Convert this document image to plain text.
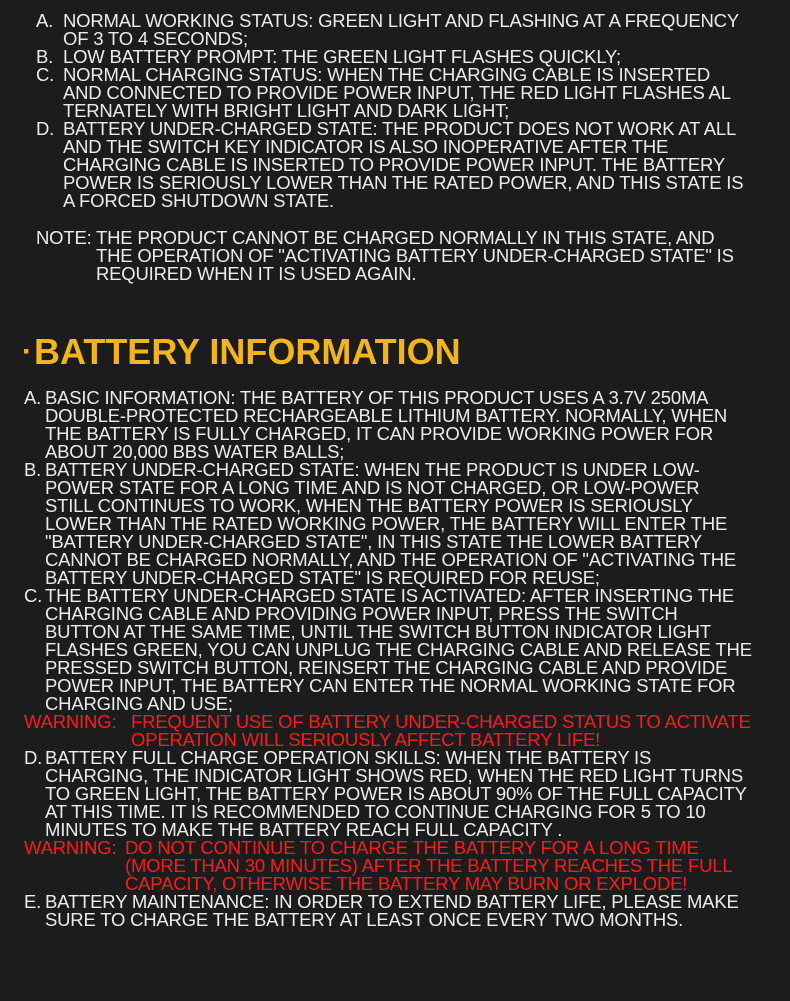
A. NORMAL WORKING STATUS: GREEN LIGHT AND FLASHING AT A FREQUENCY
OF 3 TO 4 SECONDS;
B. LOW BATTERY PROMPT: THE GREEN LIGHT FLASHES QUICKLY;
C. NORMAL CHARGING STATUS: WHEN THE CHARGING CABLE IS INSERTED
AND CONNECTED TO PROVIDE POWER INPUT, THE RED LIGHT FLASHES AL
TERNATELY WITH BRIGHT LIGHT AND DARK LIGHT;
D. BATTERY UNDER-CHARGED STATE: THE PRODUCT DOES NOT WORK AT ALL
AND THE SWITCH KEY INDICATOR IS ALSO INOPERATIVE AFTER THE
CHARGING CABLE IS INSERTED TO PROVIDE POWER INPUT. THE BATTERY
POWER IS SERIOUSLY LOWER THAN THE RATED POWER, AND THIS STATE IS
A FORCED SHUTDOWN STATE.
NOTE: THE PRODUCT CANNOT BE CHARGED NORMALLY IN THIS STATE, AND
THE OPERATION OF "ACTIVATING BATTERY UNDER-CHARGED STATE" IS
REQUIRED WHEN IT IS USED AGAIN.
·BATTERY INFORMATION
A. BASIC INFORMATION: THE BATTERY OF THIS PRODUCT USES A 3.7V 250MA
DOUBLE-PROTECTED RECHARGEABLE LITHIUM BATTERY. NORMALLY, WHEN
THE BATTERY IS FULLY CHARGED, IT CAN PROVIDE WORKING POWER FOR
ABOUT 20,000 BBS WATER BALLS;
B. BATTERY UNDER-CHARGED STATE: WHEN THE PRODUCT IS UNDER LOW-
POWER STATE FOR A LONG TIME AND IS NOT CHARGED, OR LOW-POWER
STILL CONTINUES TO WORK, WHEN THE BATTERY POWER IS SERIOUSLY
LOWER THAN THE RATED WORKING POWER, THE BATTERY WILL ENTER THE
"BATTERY UNDER-CHARGED STATE", IN THIS STATE THE LOWER BATTERY
CANNOT BE CHARGED NORMALLY, AND THE OPERATION OF "ACTIVATING THE
BATTERY UNDER-CHARGED STATE" IS REQUIRED FOR REUSE;
C. THE BATTERY UNDER-CHARGED STATE IS ACTIVATED: AFTER INSERTING THE
CHARGING CABLE AND PROVIDING POWER INPUT, PRESS THE SWITCH
BUTTON AT THE SAME TIME, UNTIL THE SWITCH BUTTON INDICATOR LIGHT
FLASHES GREEN, YOU CAN UNPLUG THE CHARGING CABLE AND RELEASE THE
PRESSED SWITCH BUTTON, REINSERT THE CHARGING CABLE AND PROVIDE
POWER INPUT, THE BATTERY CAN ENTER THE NORMAL WORKING STATE FOR
CHARGING AND USE;
WARNING: FREQUENT USE OF BATTERY UNDER-CHARGED STATUS TO ACTIVATE
OPERATION WILL SERIOUSLY AFFECT BATTERY LIFE!
D. BATTERY FULL CHARGE OPERATION SKILLS: WHEN THE BATTERY IS
CHARGING, THE INDICATOR LIGHT SHOWS RED, WHEN THE RED LIGHT TURNS
TO GREEN LIGHT, THE BATTERY POWER IS ABOUT 90% OF THE FULL CAPACITY
AT THIS TIME. IT IS RECOMMENDED TO CONTINUE CHARGING FOR 5 TO 10
MINUTES TO MAKE THE BATTERY REACH FULL CAPACITY .
WARNING: DO NOT CONTINUE TO CHARGE THE BATTERY FOR A LONG TIME
(MORE THAN 30 MINUTES) AFTER THE BATTERY REACHES THE FULL
CAPACITY, OTHERWISE THE BATTERY MAY BURN OR EXPLODE!
E. BATTERY MAINTENANCE: IN ORDER TO EXTEND BATTERY LIFE, PLEASE MAKE
SURE TO CHARGE THE BATTERY AT LEAST ONCE EVERY TWO MONTHS.
